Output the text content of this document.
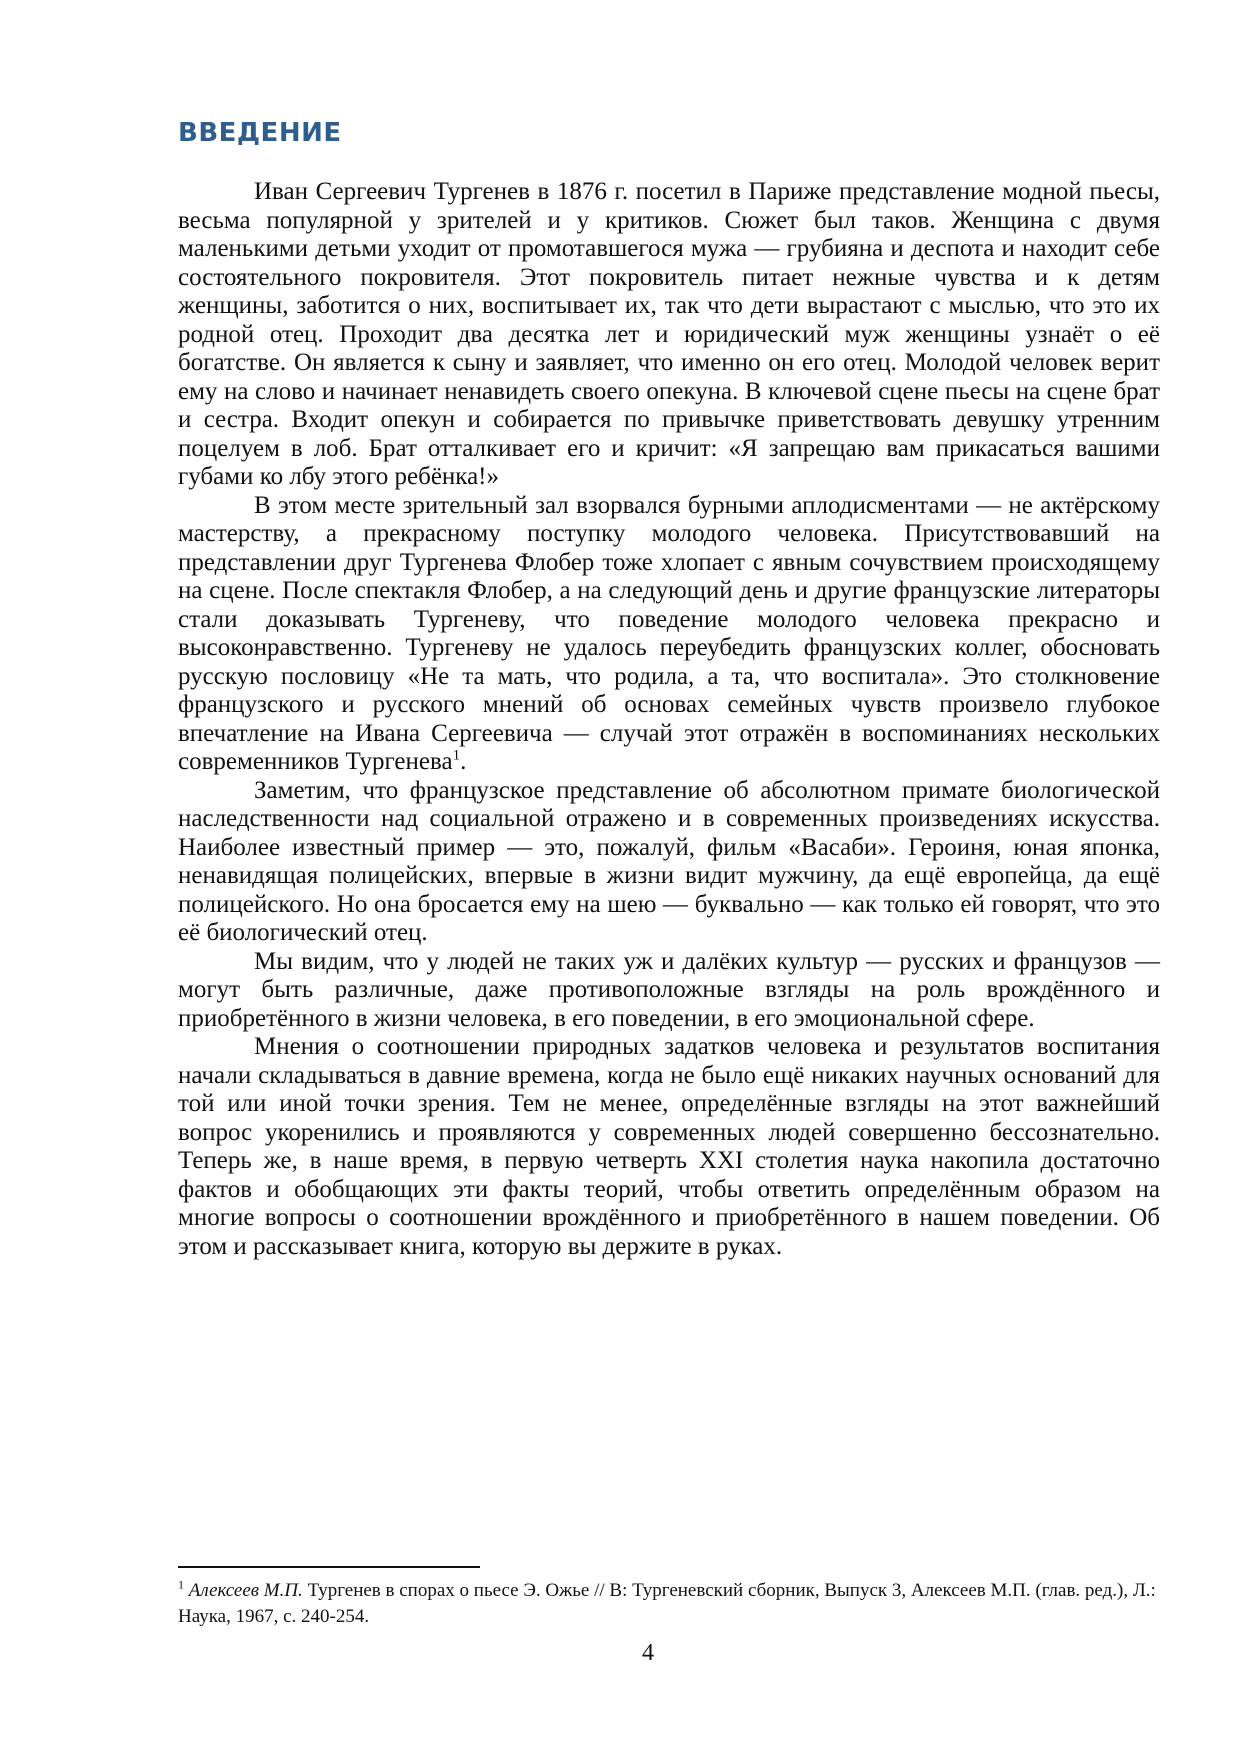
ВВЕДЕНИЕ

Иван Сергеевич Тургенев в 1876 г. посетил в Париже представление модной пьесы, весьма популярной у зрителей и у критиков. Сюжет был таков. Женщина с двумя маленькими детьми уходит от промотавшегося мужа — грубияна и деспота и находит себе состоятельного покровителя. Этот покровитель питает нежные чувства и к детям женщины, заботится о них, воспитывает их, так что дети вырастают с мыслью, что это их родной отец. Проходит два десятка лет и юридический муж женщины узнаёт о её богатстве. Он является к сыну и заявляет, что именно он его отец. Молодой человек верит ему на слово и начинает ненавидеть своего опекуна. В ключевой сцене пьесы на сцене брат и сестра. Входит опекун и собирается по привычке приветствовать девушку утренним поцелуем в лоб. Брат отталкивает его и кричит: «Я запрещаю вам прикасаться вашими губами ко лбу этого ребёнка!»

В этом месте зрительный зал взорвался бурными аплодисментами — не актёрскому мастерству, а прекрасному поступку молодого человека. Присутствовавший на представлении друг Тургенева Флобер тоже хлопает с явным сочувствием происходящему на сцене. После спектакля Флобер, а на следующий день и другие французские литераторы стали доказывать Тургеневу, что поведение молодого человека прекрасно и высоконравственно. Тургеневу не удалось переубедить французских коллег, обосновать русскую пословицу «Не та мать, что родила, а та, что воспитала». Это столкновение французского и русского мнений об основах семейных чувств произвело глубокое впечатление на Ивана Сергеевича — случай этот отражён в воспоминаниях нескольких современников Тургенева$^1$.

Заметим, что французское представление об абсолютном примате биологической наследственности над социальной отражено и в современных произведениях искусства. Наиболее известный пример — это, пожалуй, фильм «Васаби». Героиня, юная японка, ненавидящая полицейских, впервые в жизни видит мужчину, да ещё европейца, да ещё полицейского. Но она бросается ему на шею — буквально — как только ей говорят, что это её биологический отец.

Мы видим, что у людей не таких уж и далёких культур — русских и французов — могут быть различные, даже противоположные взгляды на роль врождённого и приобретённого в жизни человека, в его поведении, в его эмоциональной сфере.

Мнения о соотношении природных задатков человека и результатов воспитания начали складываться в давние времена, когда не было ещё никаких научных оснований для той или иной точки зрения. Тем не менее, определённые взгляды на этот важнейший вопрос укоренились и проявляются у современных людей совершенно бессознательно. Теперь же, в наше время, в первую четверть XXI столетия наука накопила достаточно фактов и обобщающих эти факты теорий, чтобы ответить определённым образом на многие вопросы о соотношении врождённого и приобретённого в нашем поведении. Об этом и рассказывает книга, которую вы держите в руках.

$^1$ Алексеев М.П. Тургенев в спорах о пьесе Э. Ожье // В: Тургеневский сборник, Выпуск 3, Алексеев М.П. (глав. ред.), Л.: Наука, 1967, с. 240-254.

4
